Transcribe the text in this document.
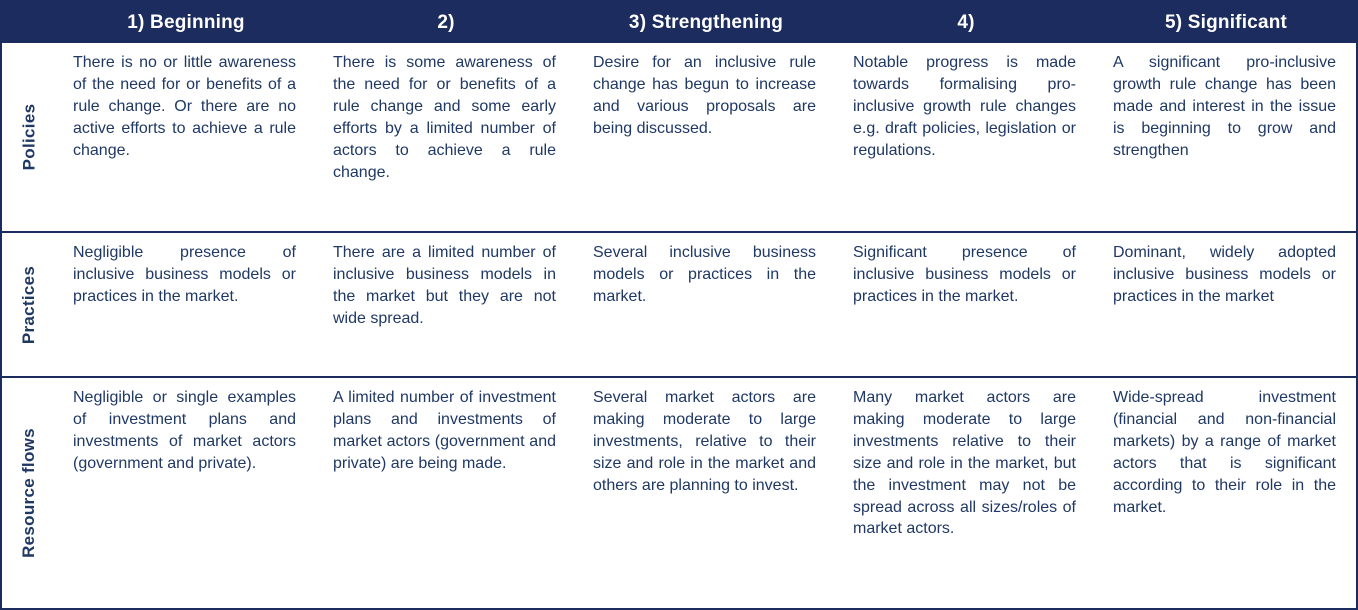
1) Beginning	2)	3) Strengthening	4)	5) Significant
Policies
There is no or little awareness of the need for or benefits of a rule change. Or there are no active efforts to achieve a rule change.
There is some awareness of the need for or benefits of a rule change and some early efforts by a limited number of actors to achieve a rule change.
Desire for an inclusive rule change has begun to increase and various proposals are being discussed.
Notable progress is made towards formalising pro-inclusive growth rule changes e.g. draft policies, legislation or regulations.
A significant pro-inclusive growth rule change has been made and interest in the issue is beginning to grow and strengthen
Practices
Negligible presence of inclusive business models or practices in the market.
There are a limited number of inclusive business models in the market but they are not wide spread.
Several inclusive business models or practices in the market.
Significant presence of inclusive business models or practices in the market.
Dominant, widely adopted inclusive business models or practices in the market
Resource flows
Negligible or single examples of investment plans and investments of market actors (government and private).
A limited number of investment plans and investments of market actors (government and private) are being made.
Several market actors are making moderate to large investments, relative to their size and role in the market and others are planning to invest.
Many market actors are making moderate to large investments relative to their size and role in the market, but the investment may not be spread across all sizes/roles of market actors.
Wide-spread investment (financial and non-financial markets) by a range of market actors that is significant according to their role in the market.
